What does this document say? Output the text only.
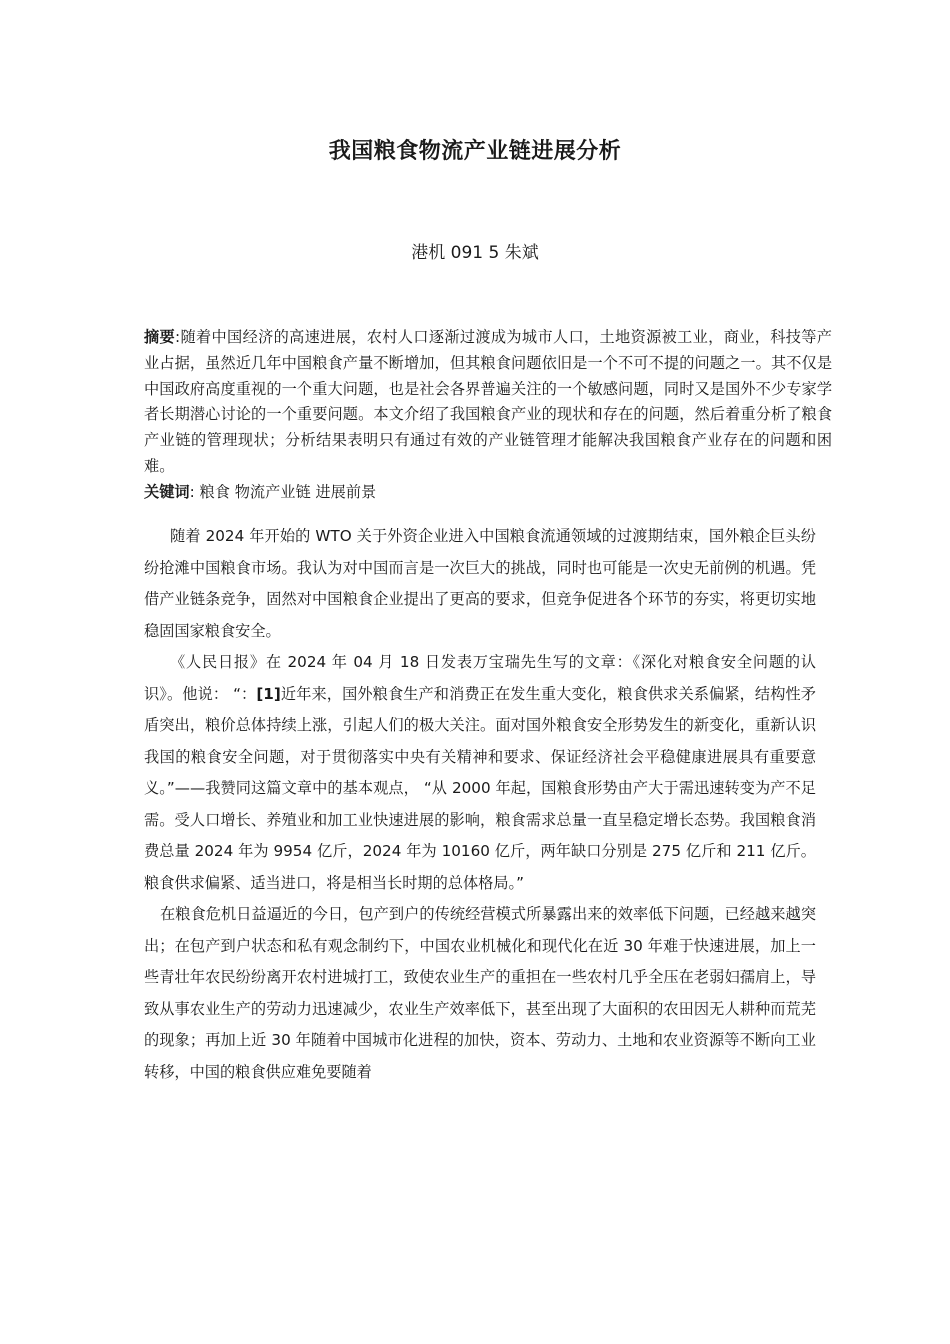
我国粮食物流产业链进展分析
港机 091 5 朱斌

摘要:随着中国经济的高速进展，农村人口逐渐过渡成为城市人口，土地资源被工业，商业，科技等产业占据，虽然近几年中国粮食产量不断增加，但其粮食问题依旧是一个不可不提的问题之一。其不仅是中国政府高度重视的一个重大问题，也是社会各界普遍关注的一个敏感问题，同时又是国外不少专家学者长期潜心讨论的一个重要问题。本文介绍了我国粮食产业的现状和存在的问题，然后着重分析了粮食产业链的管理现状；分析结果表明只有通过有效的产业链管理才能解决我国粮食产业存在的问题和困难。

关键词: 粮食 物流产业链 进展前景

随着 2024 年开始的 WTO 关于外资企业进入中国粮食流通领域的过渡期结束，国外粮企巨头纷纷抢滩中国粮食市场。我认为对中国而言是一次巨大的挑战，同时也可能是一次史无前例的机遇。凭借产业链条竞争，固然对中国粮食企业提出了更高的要求，但竞争促进各个环节的夯实，将更切实地稳固国家粮食安全。

《人民日报》在 2024 年 04 月 18 日发表万宝瑞先生写的文章：《深化对粮食安全问题的认识》。他说： “：[1]近年来，国外粮食生产和消费正在发生重大变化，粮食供求关系偏紧，结构性矛盾突出，粮价总体持续上涨，引起人们的极大关注。面对国外粮食安全形势发生的新变化，重新认识我国的粮食安全问题，对于贯彻落实中央有关精神和要求、保证经济社会平稳健康进展具有重要意义。”——我赞同这篇文章中的基本观点， “从 2000 年起，国粮食形势由产大于需迅速转变为产不足需。受人口增长、养殖业和加工业快速进展的影响，粮食需求总量一直呈稳定增长态势。我国粮食消费总量 2024 年为 9954 亿斤，2024 年为 10160 亿斤，两年缺口分别是 275 亿斤和 211 亿斤。粮食供求偏紧、适当进口，将是相当长时期的总体格局。”

在粮食危机日益逼近的今日，包产到户的传统经营模式所暴露出来的效率低下问题，已经越来越突出；在包产到户状态和私有观念制约下，中国农业机械化和现代化在近 30 年难于快速进展，加上一些青壮年农民纷纷离开农村进城打工，致使农业生产的重担在一些农村几乎全压在老弱妇孺肩上，导致从事农业生产的劳动力迅速减少，农业生产效率低下，甚至出现了大面积的农田因无人耕种而荒芜的现象；再加上近 30 年随着中国城市化进程的加快，资本、劳动力、土地和农业资源等不断向工业转移，中国的粮食供应难免要随着
